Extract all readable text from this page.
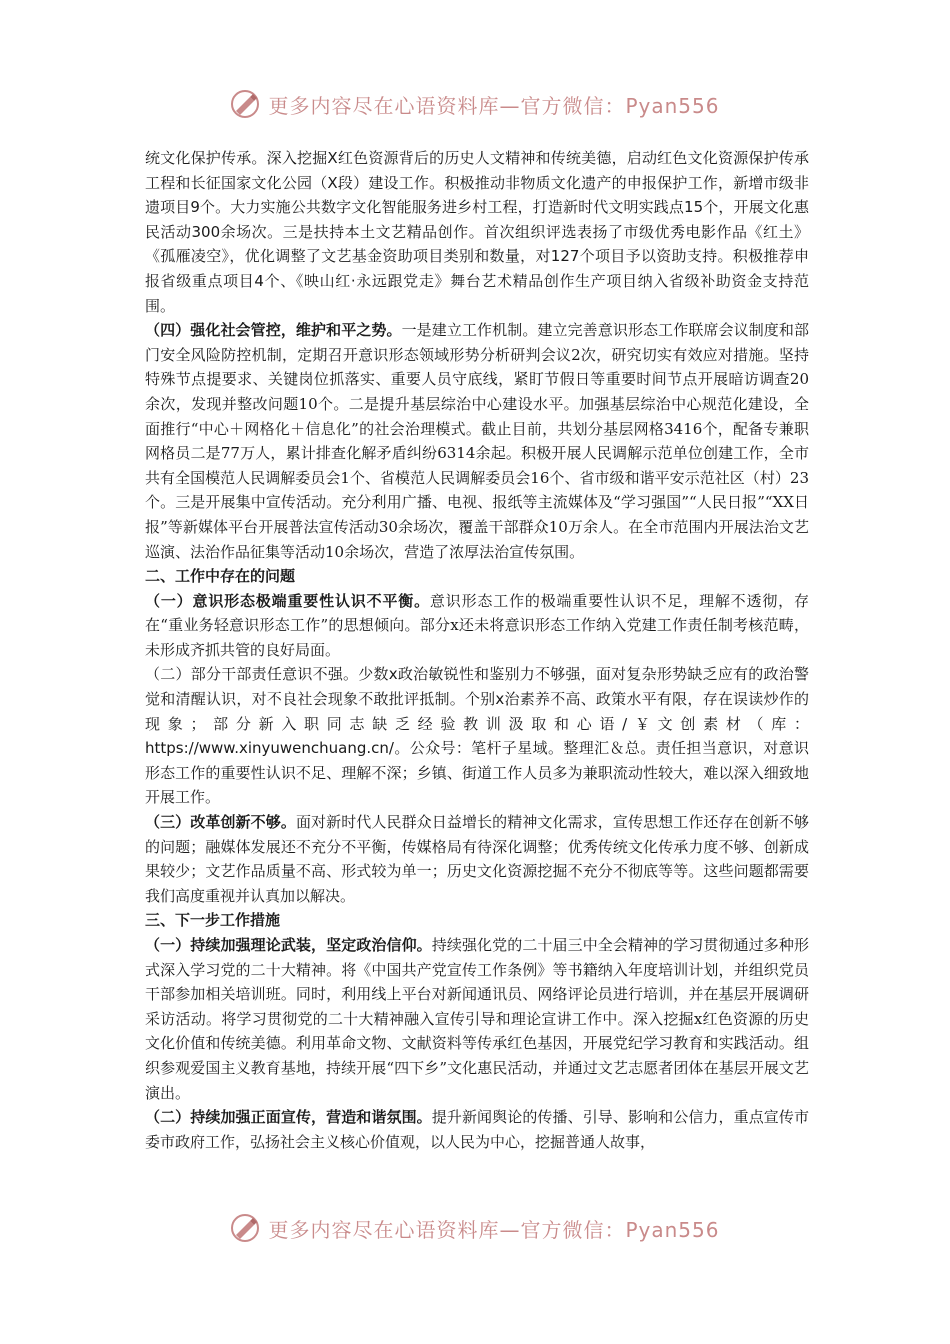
更多内容尽在心语资料库—官方微信：Pyan556

统文化保护传承。深入挖掘X红色资源背后的历史人文精神和传统美德，启动红色文化资源保护传承工程和长征国家文化公园（X段）建设工作。积极推动非物质文化遗产的申报保护工作，新增市级非遗项目9个。大力实施公共数字文化智能服务进乡村工程，打造新时代文明实践点15个，开展文化惠民活动300余场次。三是扶持本土文艺精品创作。首次组织评选表扬了市级优秀电影作品《红土》《孤雁凌空》，优化调整了文艺基金资助项目类别和数量，对127个项目予以资助支持。积极推荐申报省级重点项目4个、《映山红·永远跟党走》舞台艺术精品创作生产项目纳入省级补助资金支持范围。

（四）强化社会管控，维护和平之势。一是建立工作机制。建立完善意识形态工作联席会议制度和部门安全风险防控机制，定期召开意识形态领域形势分析研判会议2次，研究切实有效应对措施。坚持特殊节点提要求、关键岗位抓落实、重要人员守底线，紧盯节假日等重要时间节点开展暗访调查20余次，发现并整改问题10个。二是提升基层综治中心建设水平。加强基层综治中心规范化建设，全面推行“中心＋网格化＋信息化”的社会治理模式。截止目前，共划分基层网格3416个，配备专兼职网格员二是77万人，累计排查化解矛盾纠纷6314余起。积极开展人民调解示范单位创建工作，全市共有全国模范人民调解委员会1个、省模范人民调解委员会16个、省市级和谐平安示范社区（村）23个。三是开展集中宣传活动。充分利用广播、电视、报纸等主流媒体及“学习强国”“人民日报”“XX日报”等新媒体平台开展普法宣传活动30余场次，覆盖干部群众10万余人。在全市范围内开展法治文艺巡演、法治作品征集等活动10余场次，营造了浓厚法治宣传氛围。

二、工作中存在的问题

（一）意识形态极端重要性认识不平衡。意识形态工作的极端重要性认识不足，理解不透彻，存在“重业务轻意识形态工作”的思想倾向。部分x还未将意识形态工作纳入党建工作责任制考核范畴，未形成齐抓共管的良好局面。

（二）部分干部责任意识不强。少数x政治敏锐性和鉴别力不够强，面对复杂形势缺乏应有的政治警觉和清醒认识，对不良社会现象不敢批评抵制。个别x治素养不高、政策水平有限，存在误读炒作的现象；部分新入职同志缺乏经验教训汲取和心语/￥文创素材（库：https://www.xinyuwenchuang.cn/。公众号：笔杆子星域。整理汇＆总。责任担当意识，对意识形态工作的重要性认识不足、理解不深；乡镇、街道工作人员多为兼职流动性较大，难以深入细致地开展工作。

（三）改革创新不够。面对新时代人民群众日益增长的精神文化需求，宣传思想工作还存在创新不够的问题；融媒体发展还不充分不平衡，传媒格局有待深化调整；优秀传统文化传承力度不够、创新成果较少；文艺作品质量不高、形式较为单一；历史文化资源挖掘不充分不彻底等等。这些问题都需要我们高度重视并认真加以解决。

三、下一步工作措施

（一）持续加强理论武装，坚定政治信仰。持续强化党的二十届三中全会精神的学习贯彻通过多种形式深入学习党的二十大精神。将《中国共产党宣传工作条例》等书籍纳入年度培训计划，并组织党员干部参加相关培训班。同时，利用线上平台对新闻通讯员、网络评论员进行培训，并在基层开展调研采访活动。将学习贯彻党的二十大精神融入宣传引导和理论宣讲工作中。深入挖掘x红色资源的历史文化价值和传统美德。利用革命文物、文献资料等传承红色基因，开展党纪学习教育和实践活动。组织参观爱国主义教育基地，持续开展“四下乡”文化惠民活动，并通过文艺志愿者团体在基层开展文艺演出。

（二）持续加强正面宣传，营造和谐氛围。提升新闻舆论的传播、引导、影响和公信力，重点宣传市委市政府工作，弘扬社会主义核心价值观，以人民为中心，挖掘普通人故事，

更多内容尽在心语资料库—官方微信：Pyan556
